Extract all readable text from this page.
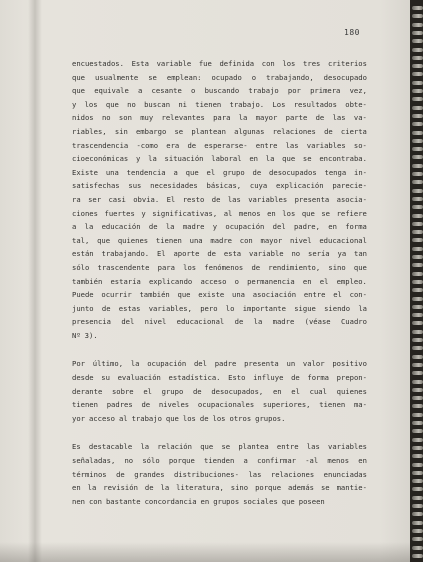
180
encuestados. Esta variable fue definida con los tres criterios
que usualmente se emplean: ocupado o trabajando, desocupado
que equivale a cesante o buscando trabajo por primera vez,
y los que no buscan ni tienen trabajo. Los resultados obte-
nidos no son muy relevantes para la mayor parte de las va-
riables, sin embargo se plantean algunas relaciones de cierta
trascendencia -como era de esperarse- entre las variables so-
cioeconómicas y la situación laboral en la que se encontraba.
Existe una tendencia a que el grupo de desocupados tenga in-
satisfechas sus necesidades básicas, cuya explicación parecie-
ra ser casi obvia. El resto de las variables presenta asocia-
ciones fuertes y significativas, al menos en los que se refiere
a la educación de la madre y ocupación del padre, en forma
tal, que quienes tienen una madre con mayor nivel educacional
están trabajando. El aporte de esta variable no sería ya tan
sólo trascendente para los fenómenos de rendimiento, sino que
también estaría explicando acceso o permanencia en el empleo.
Puede ocurrir también que existe una asociación entre el con-
junto de estas variables, pero lo importante sigue siendo la
presencia del nivel educacional de la madre (véase Cuadro
Nº 3).
Por último, la ocupación del padre presenta un valor positivo
desde su evaluación estadística. Esto influye de forma prepon-
derante sobre el grupo de desocupados, en el cual quienes
tienen padres de niveles ocupacionales superiores, tienen ma-
yor acceso al trabajo que los de los otros grupos.
Es destacable la relación que se plantea entre las variables
señaladas, no sólo porque tienden a confirmar -al menos en
términos de grandes distribuciones- las relaciones enunciadas
en la revisión de la literatura, sino porque además se mantie-
nen con bastante concordancia en grupos sociales que poseen
